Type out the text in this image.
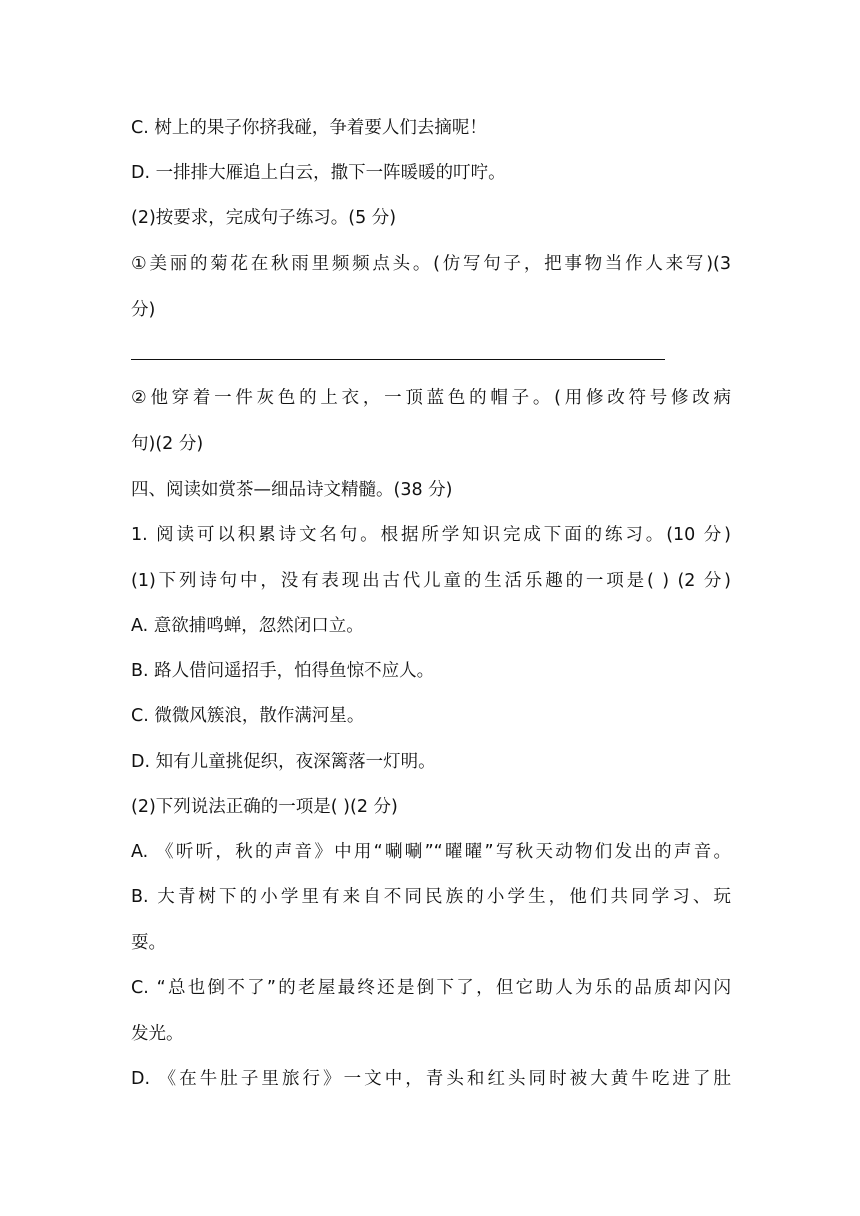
C. 树上的果子你挤我碰，争着要人们去摘呢！
D. 一排排大雁追上白云，撒下一阵暖暖的叮咛。
(2)按要求，完成句子练习。(5 分)
①美丽的菊花在秋雨里频频点头。(仿写句子，把事物当作人来写)(3
分)
②他穿着一件灰色的上衣，一顶蓝色的帽子。(用修改符号修改病
句)(2 分)
四、阅读如赏茶—细品诗文精髓。(38 分)
1. 阅读可以积累诗文名句。根据所学知识完成下面的练习。(10 分)
(1)下列诗句中，没有表现出古代儿童的生活乐趣的一项是( ) (2 分)
A. 意欲捕鸣蝉，忽然闭口立。
B. 路人借问遥招手，怕得鱼惊不应人。
C. 微微风簇浪，散作满河星。
D. 知有儿童挑促织，夜深篱落一灯明。
(2)下列说法正确的一项是( )(2 分)
A. 《听听，秋的声音》中用“唰唰”“曜曜”写秋天动物们发出的声音。
B. 大青树下的小学里有来自不同民族的小学生，他们共同学习、玩
耍。
C. “总也倒不了”的老屋最终还是倒下了，但它助人为乐的品质却闪闪
发光。
D. 《在牛肚子里旅行》一文中，青头和红头同时被大黄牛吃进了肚
